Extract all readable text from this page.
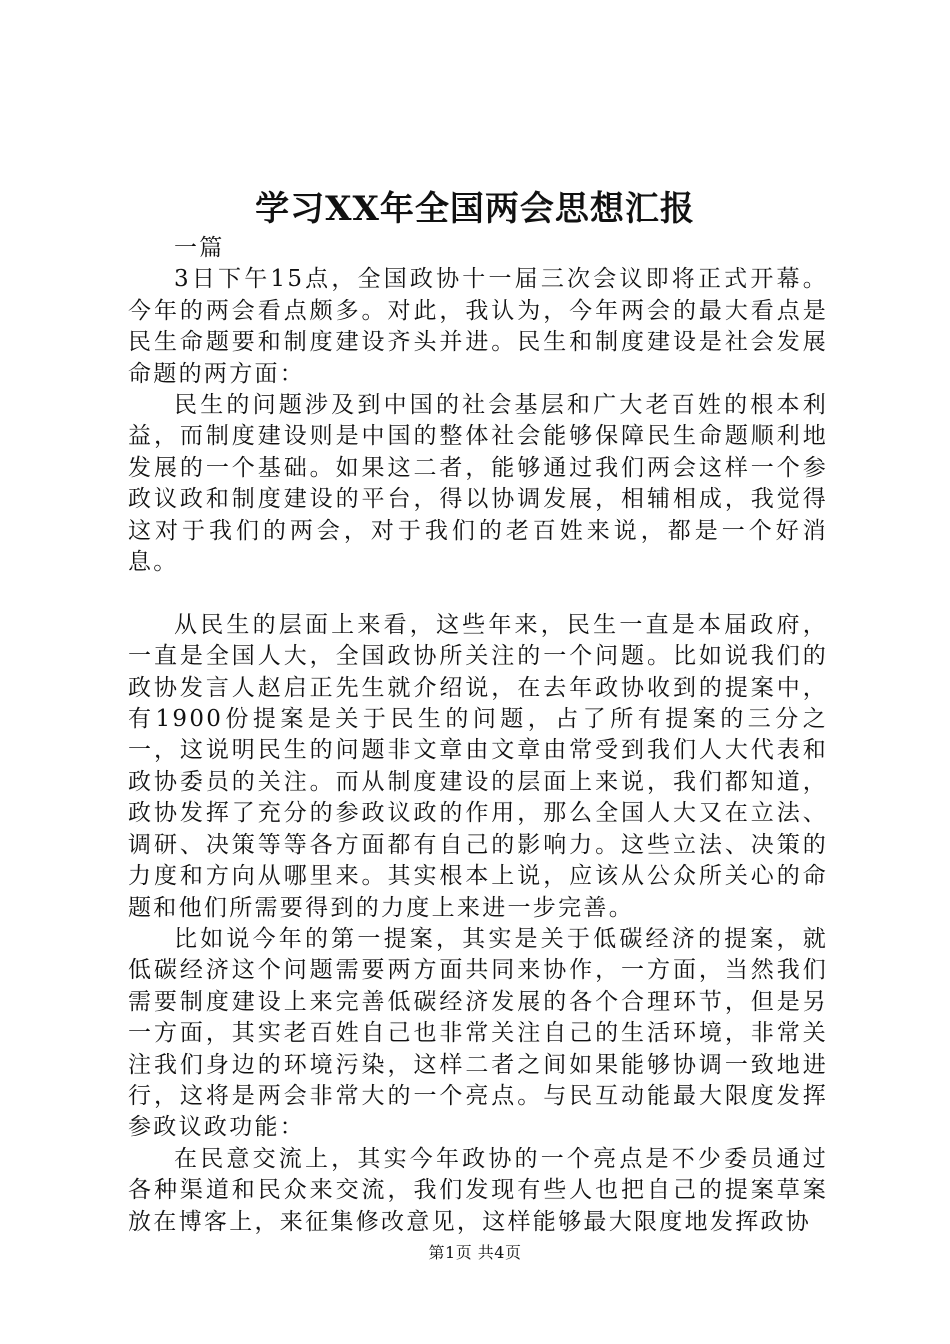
学习XX年全国两会思想汇报

一篇

3日下午15点，全国政协十一届三次会议即将正式开幕。今年的两会看点颇多。对此，我认为，今年两会的最大看点是民生命题要和制度建设齐头并进。民生和制度建设是社会发展命题的两方面：

民生的问题涉及到中国的社会基层和广大老百姓的根本利益，而制度建设则是中国的整体社会能够保障民生命题顺利地发展的一个基础。如果这二者，能够通过我们两会这样一个参政议政和制度建设的平台，得以协调发展，相辅相成，我觉得这对于我们的两会，对于我们的老百姓来说，都是一个好消息。

从民生的层面上来看，这些年来，民生一直是本届政府，一直是全国人大，全国政协所关注的一个问题。比如说我们的政协发言人赵启正先生就介绍说，在去年政协收到的提案中，有1900份提案是关于民生的问题，占了所有提案的三分之一，这说明民生的问题非文章由文章由常受到我们人大代表和政协委员的关注。而从制度建设的层面上来说，我们都知道，政协发挥了充分的参政议政的作用，那么全国人大又在立法、调研、决策等等各方面都有自己的影响力。这些立法、决策的力度和方向从哪里来。其实根本上说，应该从公众所关心的命题和他们所需要得到的力度上来进一步完善。

比如说今年的第一提案，其实是关于低碳经济的提案，就低碳经济这个问题需要两方面共同来协作，一方面，当然我们需要制度建设上来完善低碳经济发展的各个合理环节，但是另一方面，其实老百姓自己也非常关注自己的生活环境，非常关注我们身边的环境污染，这样二者之间如果能够协调一致地进行，这将是两会非常大的一个亮点。与民互动能最大限度发挥参政议政功能：

在民意交流上，其实今年政协的一个亮点是不少委员通过各种渠道和民众来交流，我们发现有些人也把自己的提案草案放在博客上，来征集修改意见，这样能够最大限度地发挥政协

第1页 共4页
